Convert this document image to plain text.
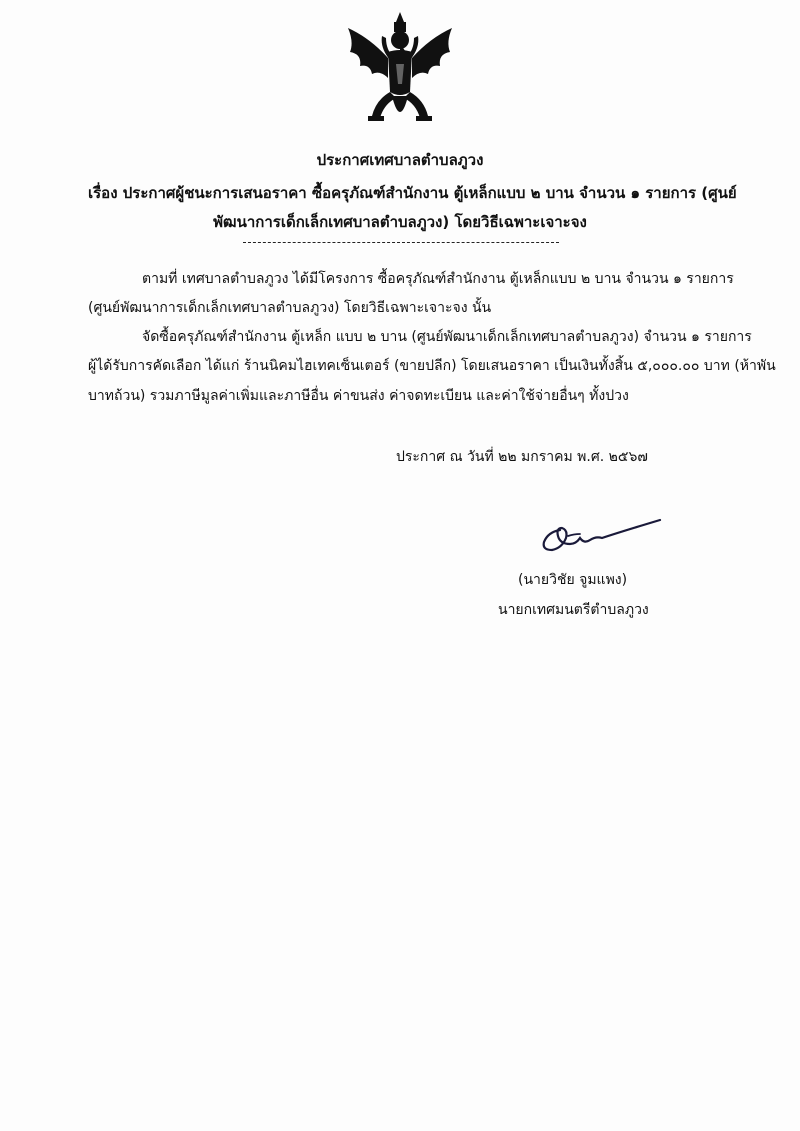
ประกาศเทศบาลตำบลภูวง
เรื่อง ประกาศผู้ชนะการเสนอราคา ซื้อครุภัณฑ์สำนักงาน ตู้เหล็กแบบ ๒ บาน จำนวน ๑ รายการ (ศูนย์
พัฒนาการเด็กเล็กเทศบาลตำบลภูวง) โดยวิธีเฉพาะเจาะจง
ตามที่ เทศบาลตำบลภูวง ได้มีโครงการ ซื้อครุภัณฑ์สำนักงาน ตู้เหล็กแบบ ๒ บาน จำนวน ๑ รายการ
(ศูนย์พัฒนาการเด็กเล็กเทศบาลตำบลภูวง) โดยวิธีเฉพาะเจาะจง นั้น
จัดซื้อครุภัณฑ์สำนักงาน ตู้เหล็ก แบบ ๒ บาน (ศูนย์พัฒนาเด็กเล็กเทศบาลตำบลภูวง) จำนวน ๑ รายการ
ผู้ได้รับการคัดเลือก ได้แก่ ร้านนิคมไฮเทคเซ็นเตอร์ (ขายปลีก) โดยเสนอราคา เป็นเงินทั้งสิ้น ๕,๐๐๐.๐๐ บาท (ห้าพัน
บาทถ้วน) รวมภาษีมูลค่าเพิ่มและภาษีอื่น ค่าขนส่ง ค่าจดทะเบียน และค่าใช้จ่ายอื่นๆ ทั้งปวง
ประกาศ ณ วันที่ ๒๒ มกราคม พ.ศ. ๒๕๖๗
(นายวิชัย จูมแพง)
นายกเทศมนตรีตำบลภูวง
